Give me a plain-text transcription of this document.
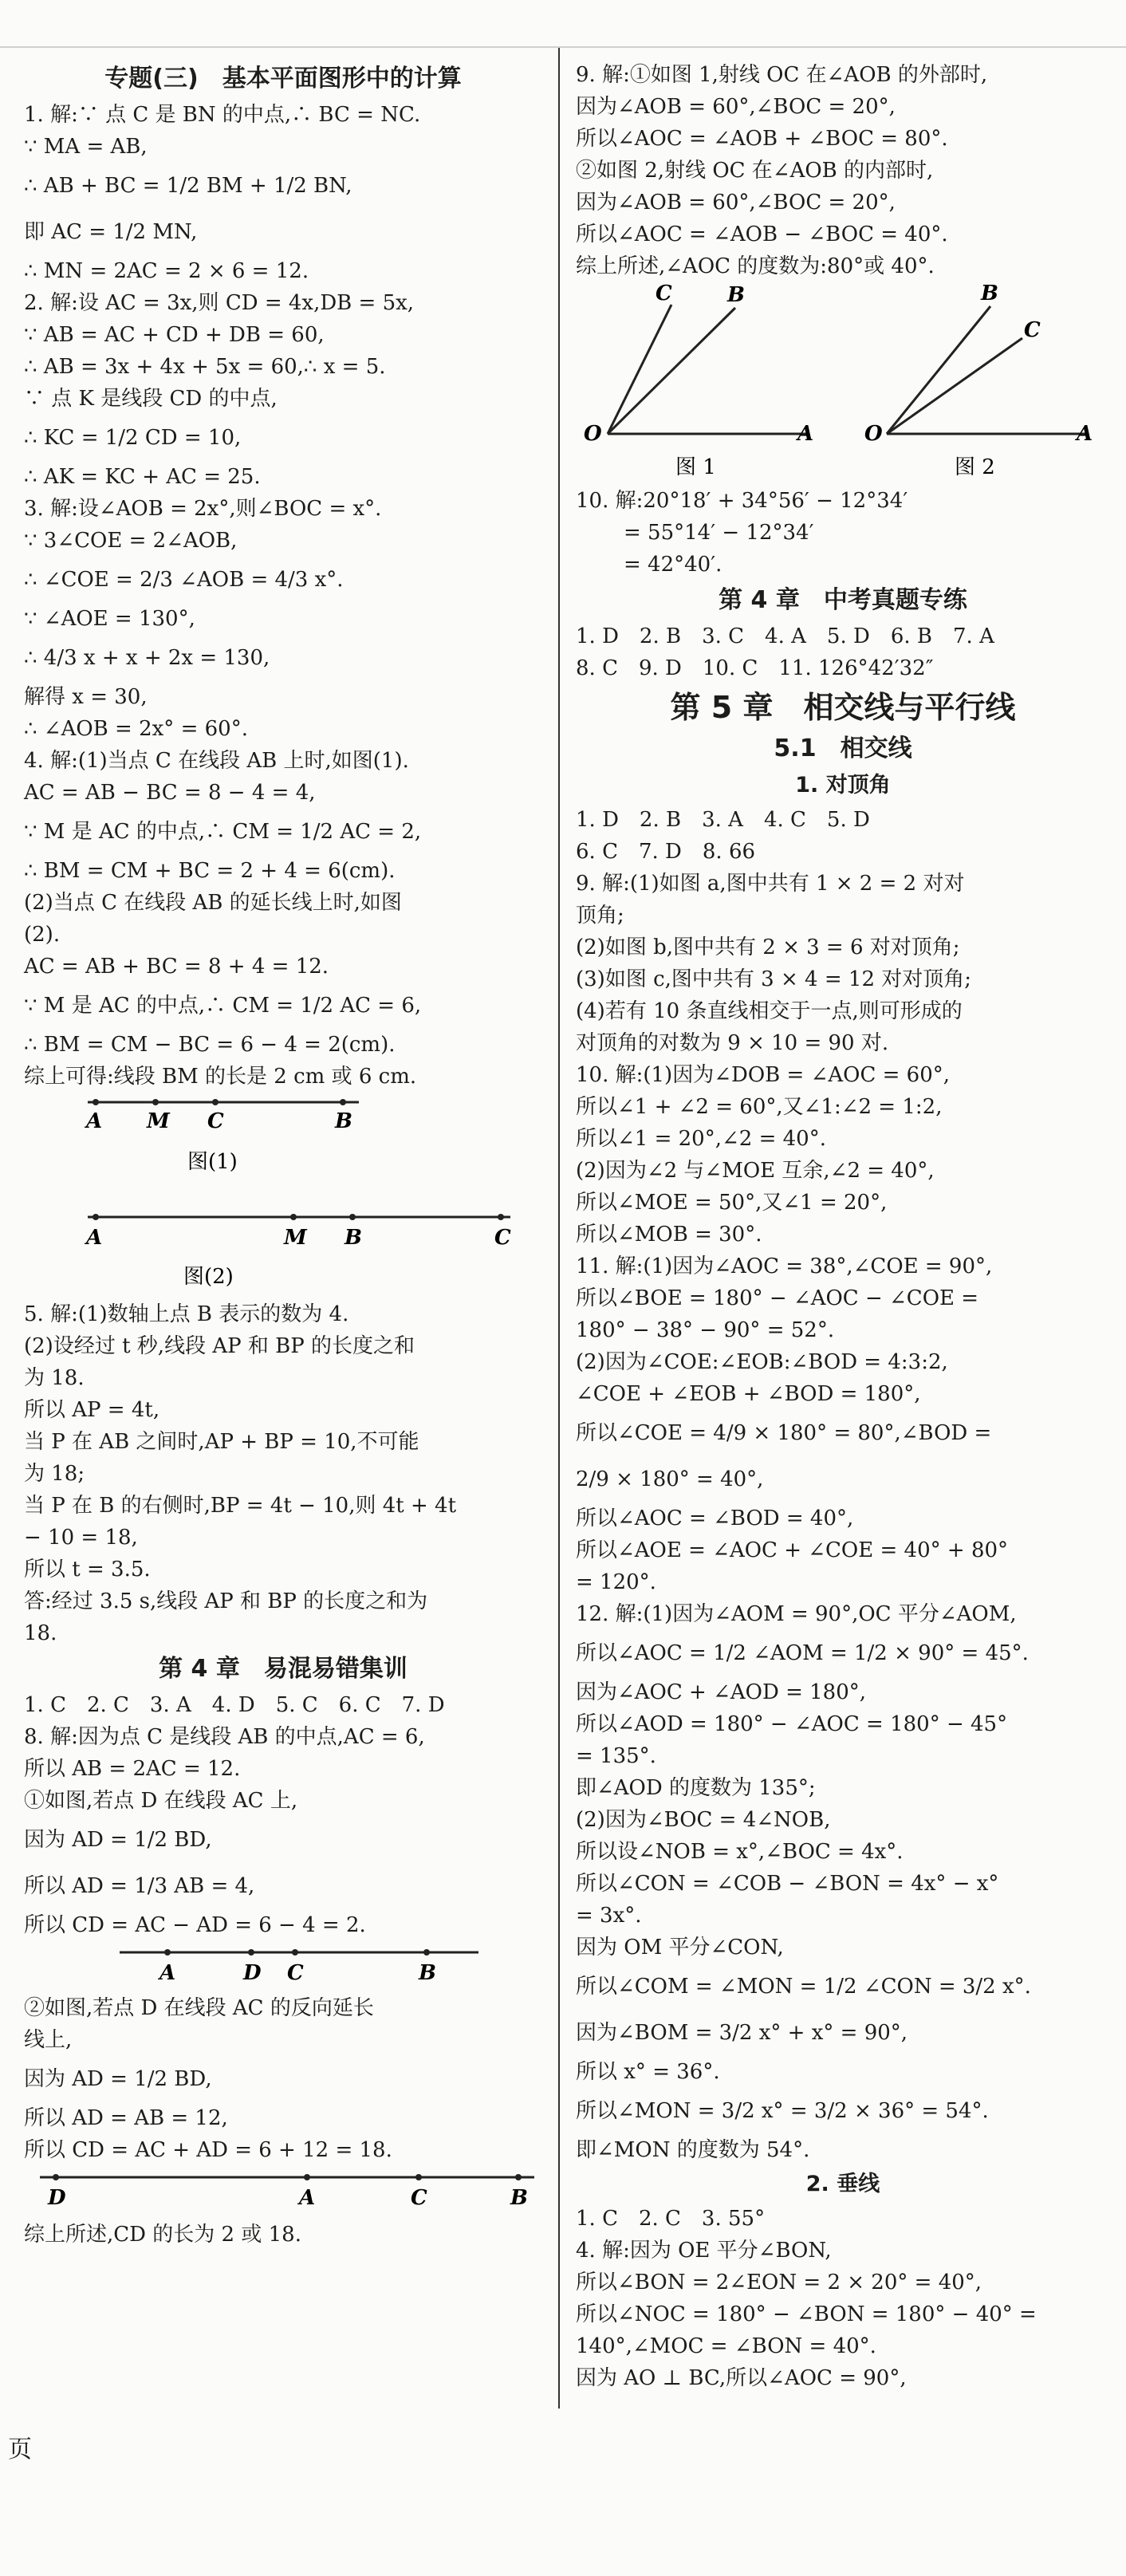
专题(三)　基本平面图形中的计算
1. 解:∵ 点 C 是 BN 的中点,∴ BC = NC.
∵ MA = AB,
∴ AB + BC = 1/2 BM + 1/2 BN,
即 AC = 1/2 MN,
∴ MN = 2AC = 2 × 6 = 12.
2. 解:设 AC = 3x,则 CD = 4x,DB = 5x,
∵ AB = AC + CD + DB = 60,
∴ AB = 3x + 4x + 5x = 60,∴ x = 5.
∵ 点 K 是线段 CD 的中点,
∴ KC = 1/2 CD = 10,
∴ AK = KC + AC = 25.
3. 解:设∠AOB = 2x°,则∠BOC = x°.
∵ 3∠COE = 2∠AOB,
∴ ∠COE = 2/3 ∠AOB = 4/3 x°.
∵ ∠AOE = 130°,
∴ 4/3 x + x + 2x = 130,
解得 x = 30,
∴ ∠AOB = 2x° = 60°.
4. 解:(1)当点 C 在线段 AB 上时,如图(1).
AC = AB − BC = 8 − 4 = 4,
∵ M 是 AC 的中点,∴ CM = 1/2 AC = 2,
∴ BM = CM + BC = 2 + 4 = 6(cm).
(2)当点 C 在线段 AB 的延长线上时,如图
(2).
AC = AB + BC = 8 + 4 = 12.
∵ M 是 AC 的中点,∴ CM = 1/2 AC = 6,
∴ BM = CM − BC = 6 − 4 = 2(cm).
综上可得:线段 BM 的长是 2 cm 或 6 cm.
A M C	B
图(1)
A	M B	C
图(2)
5. 解:(1)数轴上点 B 表示的数为 4.
(2)设经过 t 秒,线段 AP 和 BP 的长度之和
为 18.
所以 AP = 4t,
当 P 在 AB 之间时,AP + BP = 10,不可能
为 18;
当 P 在 B 的右侧时,BP = 4t − 10,则 4t + 4t
− 10 = 18,
所以 t = 3.5.
答:经过 3.5 s,线段 AP 和 BP 的长度之和为
18.
第 4 章　易混易错集训
1. C　2. C　3. A　4. D　5. C　6. C　7. D
8. 解:因为点 C 是线段 AB 的中点,AC = 6,
所以 AB = 2AC = 12.
①如图,若点 D 在线段 AC 上,
因为 AD = 1/2 BD,
所以 AD = 1/3 AB = 4,
所以 CD = AC − AD = 6 − 4 = 2.
A	D C	B
②如图,若点 D 在线段 AC 的反向延长
线上,
因为 AD = 1/2 BD,
所以 AD = AB = 12,
所以 CD = AC + AD = 6 + 12 = 18.
D	A	C	B
综上所述,CD 的长为 2 或 18.
9. 解:①如图 1,射线 OC 在∠AOB 的外部时,
因为∠AOB = 60°,∠BOC = 20°,
所以∠AOC = ∠AOB + ∠BOC = 80°.
②如图 2,射线 OC 在∠AOB 的内部时,
因为∠AOB = 60°,∠BOC = 20°,
所以∠AOC = ∠AOB − ∠BOC = 40°.
综上所述,∠AOC 的度数为:80°或 40°.
O	A
B
C
图 1
O	A
B
C
图 2
10. 解:20°18′ + 34°56′ − 12°34′
= 55°14′ − 12°34′
= 42°40′.
第 4 章　中考真题专练
1. D　2. B　3. C　4. A　5. D　6. B　7. A
8. C　9. D　10. C　11. 126°42′32″
第 5 章　相交线与平行线
5.1　相交线
1. 对顶角
1. D　2. B　3. A　4. C　5. D
6. C　7. D　8. 66
9. 解:(1)如图 a,图中共有 1 × 2 = 2 对对
顶角;
(2)如图 b,图中共有 2 × 3 = 6 对对顶角;
(3)如图 c,图中共有 3 × 4 = 12 对对顶角;
(4)若有 10 条直线相交于一点,则可形成的
对顶角的对数为 9 × 10 = 90 对.
10. 解:(1)因为∠DOB = ∠AOC = 60°,
所以∠1 + ∠2 = 60°,又∠1:∠2 = 1:2,
所以∠1 = 20°,∠2 = 40°.
(2)因为∠2 与∠MOE 互余,∠2 = 40°,
所以∠MOE = 50°,又∠1 = 20°,
所以∠MOB = 30°.
11. 解:(1)因为∠AOC = 38°,∠COE = 90°,
所以∠BOE = 180° − ∠AOC − ∠COE =
180° − 38° − 90° = 52°.
(2)因为∠COE:∠EOB:∠BOD = 4:3:2,
∠COE + ∠EOB + ∠BOD = 180°,
所以∠COE = 4/9 × 180° = 80°,∠BOD =
2/9 × 180° = 40°,
所以∠AOC = ∠BOD = 40°,
所以∠AOE = ∠AOC + ∠COE = 40° + 80°
= 120°.
12. 解:(1)因为∠AOM = 90°,OC 平分∠AOM,
所以∠AOC = 1/2 ∠AOM = 1/2 × 90° = 45°.
因为∠AOC + ∠AOD = 180°,
所以∠AOD = 180° − ∠AOC = 180° − 45°
= 135°.
即∠AOD 的度数为 135°;
(2)因为∠BOC = 4∠NOB,
所以设∠NOB = x°,∠BOC = 4x°.
所以∠CON = ∠COB − ∠BON = 4x° − x°
= 3x°.
因为 OM 平分∠CON,
所以∠COM = ∠MON = 1/2 ∠CON = 3/2 x°.
因为∠BOM = 3/2 x° + x° = 90°,
所以 x° = 36°.
所以∠MON = 3/2 x° = 3/2 × 36° = 54°.
即∠MON 的度数为 54°.
2. 垂线
1. C　2. C　3. 55°
4. 解:因为 OE 平分∠BON,
所以∠BON = 2∠EON = 2 × 20° = 40°,
所以∠NOC = 180° − ∠BON = 180° − 40° =
140°,∠MOC = ∠BON = 40°.
因为 AO ⊥ BC,所以∠AOC = 90°,
页
